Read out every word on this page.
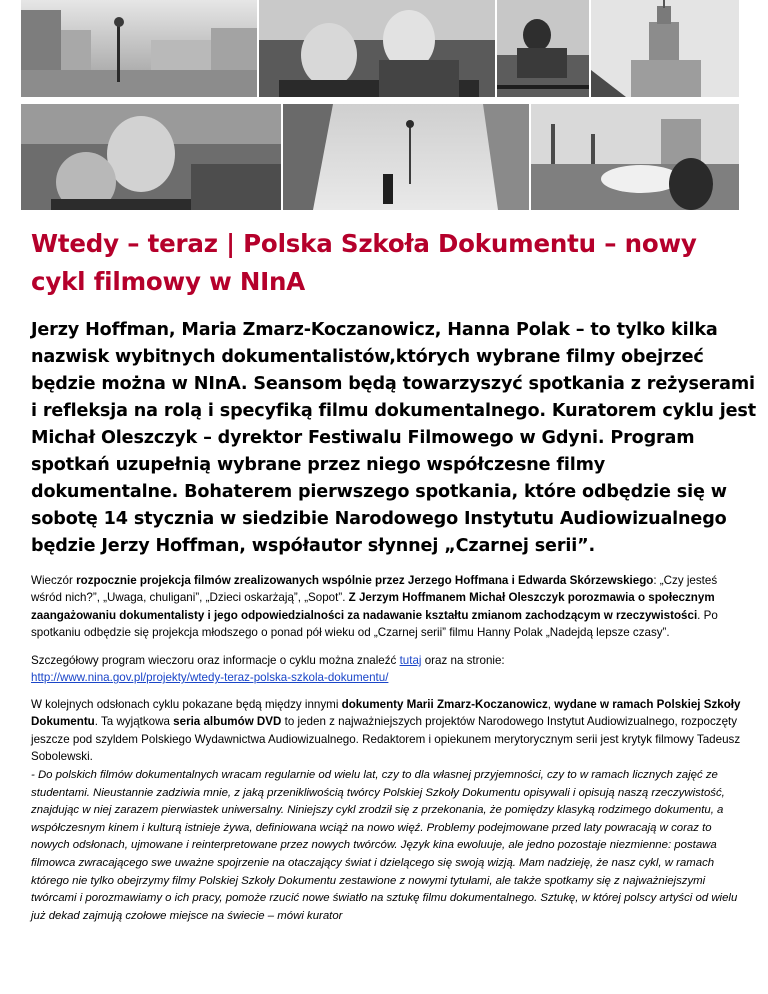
Wtedy – teraz | Polska Szkoła Dokumentu – nowy cykl filmowy w NInA

Jerzy Hoffman, Maria Zmarz-Koczanowicz, Hanna Polak – to tylko kilka nazwisk wybitnych dokumentalistów,których wybrane filmy obejrzeć będzie można w NInA. Seansom będą towarzyszyć spotkania z reżyserami i refleksja na rolą i specyfiką filmu dokumentalnego. Kuratorem cyklu jest Michał Oleszczyk – dyrektor Festiwalu Filmowego w Gdyni. Program spotkań uzupełnią wybrane przez niego współczesne filmy dokumentalne. Bohaterem pierwszego spotkania, które odbędzie się w sobotę 14 stycznia w siedzibie Narodowego Instytutu Audiowizualnego będzie Jerzy Hoffman, współautor słynnej „Czarnej serii”.

Wieczór rozpocznie projekcja filmów zrealizowanych wspólnie przez Jerzego Hoffmana i Edwarda Skórzewskiego: „Czy jesteś wśród nich?”, „Uwaga, chuligani”, „Dzieci oskarżają”, „Sopot”. Z Jerzym Hoffmanem Michał Oleszczyk porozmawia o społecznym zaangażowaniu dokumentalisty i jego odpowiedzialności za nadawanie kształtu zmianom zachodzącym w rzeczywistości. Po spotkaniu odbędzie się projekcja młodszego o ponad pół wieku od „Czarnej serii” filmu Hanny Polak „Nadejdą lepsze czasy”.

Szczegółowy program wieczoru oraz informacje o cyklu można znaleźć tutaj oraz na stronie:
http://www.nina.gov.pl/projekty/wtedy-teraz-polska-szkola-dokumentu/

W kolejnych odsłonach cyklu pokazane będą między innymi dokumenty Marii Zmarz-Koczanowicz, wydane w ramach Polskiej Szkoły Dokumentu. Ta wyjątkowa seria albumów DVD to jeden z najważniejszych projektów Narodowego Instytut Audiowizualnego, rozpoczęty jeszcze pod szyldem Polskiego Wydawnictwa Audiowizualnego. Redaktorem i opiekunem merytorycznym serii jest krytyk filmowy Tadeusz Sobolewski.

- Do polskich filmów dokumentalnych wracam regularnie od wielu lat, czy to dla własnej przyjemności, czy to w ramach licznych zajęć ze studentami. Nieustannie zadziwia mnie, z jaką przenikliwością twórcy Polskiej Szkoły Dokumentu opisywali i opisują naszą rzeczywistość, znajdując w niej zarazem pierwiastek uniwersalny. Niniejszy cykl zrodził się z przekonania, że pomiędzy klasyką rodzimego dokumentu, a współczesnym kinem i kulturą istnieje żywa, definiowana wciąż na nowo więź. Problemy podejmowane przed laty powracają w coraz to nowych odsłonach, ujmowane i reinterpretowane przez nowych twórców. Język kina ewoluuje, ale jedno pozostaje niezmienne: postawa filmowca zwracającego swe uważne spojrzenie na otaczający świat i dzielącego się swoją wizją. Mam nadzieję, że nasz cykl, w ramach którego nie tylko obejrzymy filmy Polskiej Szkoły Dokumentu zestawione z nowymi tytułami, ale także spotkamy się z najważniejszymi twórcami i porozmawiamy o ich pracy, pomoże rzucić nowe światło na sztukę filmu dokumentalnego. Sztukę, w której polscy artyści od wielu już dekad zajmują czołowe miejsce na świecie – mówi kurator
